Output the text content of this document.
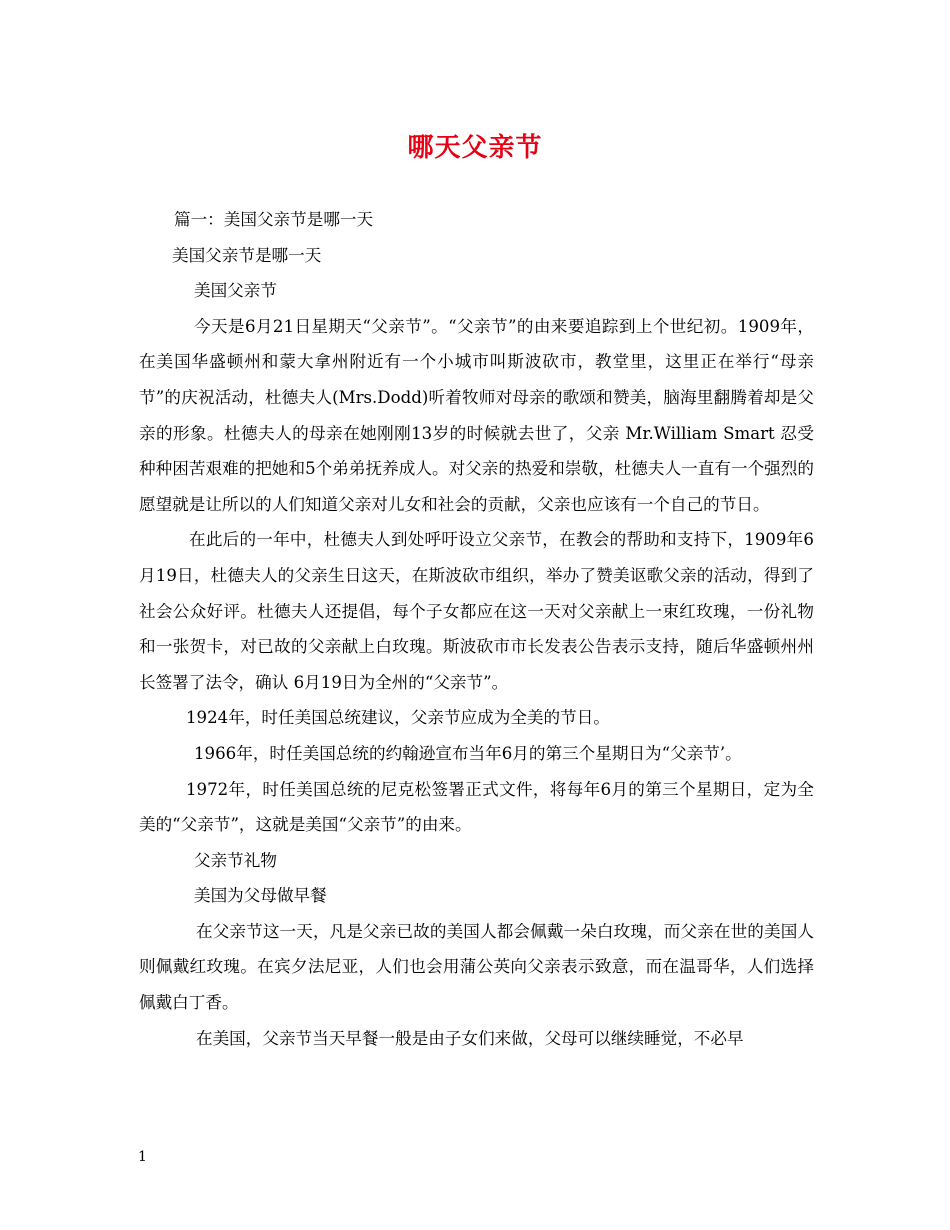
哪天父亲节

篇一：美国父亲节是哪一天

美国父亲节是哪一天

美国父亲节

今天是6月21日星期天“父亲节”。“父亲节”的由来要追踪到上个世纪初。1909年，在美国华盛顿州和蒙大拿州附近有一个小城市叫斯波砍市，教堂里，这里正在举行“母亲节”的庆祝活动，杜德夫人(Mrs.Dodd)听着牧师对母亲的歌颂和赞美，脑海里翻腾着却是父亲的形象。杜德夫人的母亲在她刚刚13岁的时候就去世了，父亲 Mr.William Smart 忍受种种困苦艰难的把她和5个弟弟抚养成人。对父亲的热爱和崇敬，杜德夫人一直有一个强烈的愿望就是让所以的人们知道父亲对儿女和社会的贡献，父亲也应该有一个自己的节日。

在此后的一年中，杜德夫人到处呼吁设立父亲节，在教会的帮助和支持下，1909年6月19日，杜德夫人的父亲生日这天，在斯波砍市组织，举办了赞美讴歌父亲的活动，得到了社会公众好评。杜德夫人还提倡，每个子女都应在这一天对父亲献上一束红玫瑰，一份礼物和一张贺卡，对已故的父亲献上白玫瑰。斯波砍市市长发表公告表示支持，随后华盛顿州州长签署了法令，确认 6月19日为全州的“父亲节”。

1924年，时任美国总统建议，父亲节应成为全美的节日。

1966年，时任美国总统的约翰逊宣布当年6月的第三个星期日为“父亲节’。

1972年，时任美国总统的尼克松签署正式文件，将每年6月的第三个星期日，定为全美的“父亲节”，这就是美国“父亲节”的由来。

父亲节礼物

美国为父母做早餐

在父亲节这一天，凡是父亲已故的美国人都会佩戴一朵白玫瑰，而父亲在世的美国人则佩戴红玫瑰。在宾夕法尼亚，人们也会用蒲公英向父亲表示致意，而在温哥华，人们选择佩戴白丁香。

在美国，父亲节当天早餐一般是由子女们来做，父母可以继续睡觉，不必早

1
